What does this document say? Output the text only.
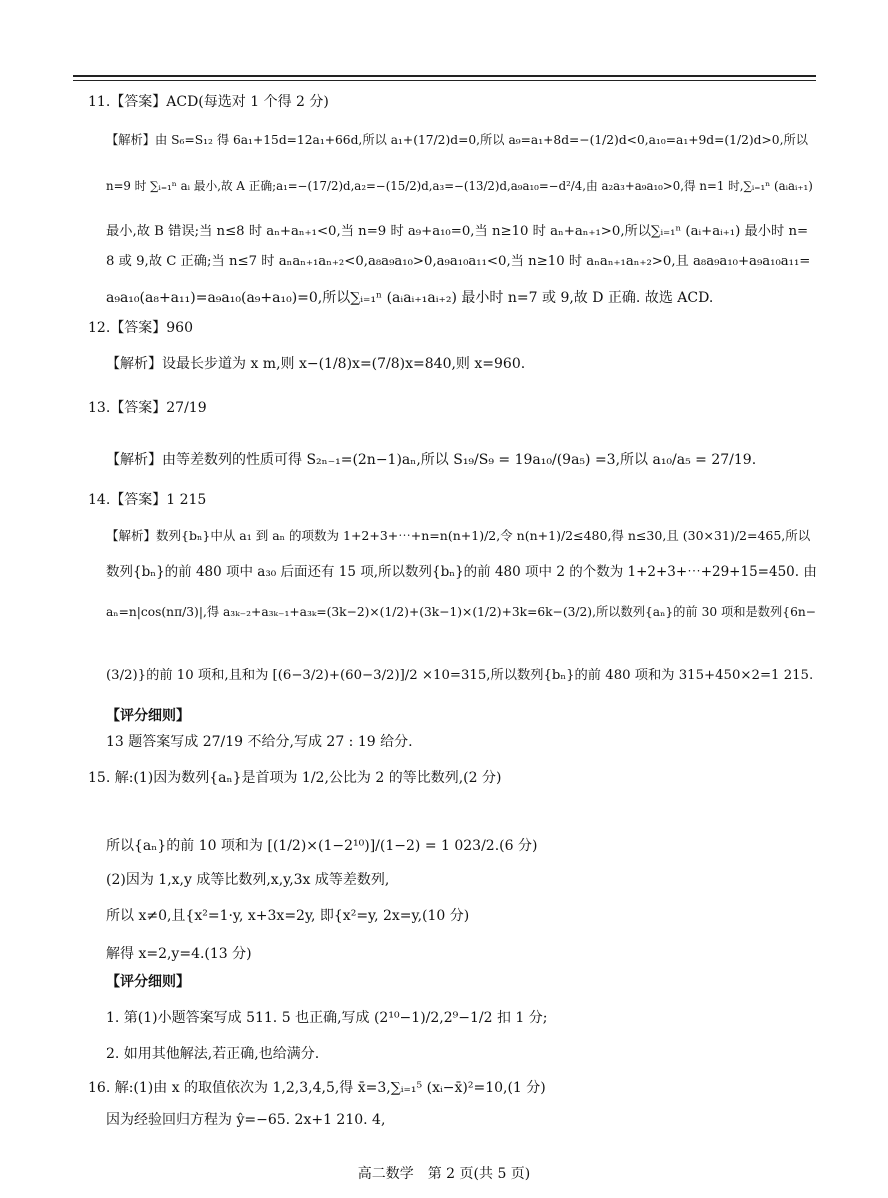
11.【答案】ACD(每选对 1 个得 2 分)
【解析】由 S₆=S₁₂ 得 6a₁+15d=12a₁+66d,所以 a₁+(17/2)d=0,所以 a₉=a₁+8d=−(1/2)d<0,a₁₀=a₁+9d=(1/2)d>0,所以
n=9 时 ∑ᵢ₌₁ⁿ aᵢ 最小,故 A 正确;a₁=−(17/2)d,a₂=−(15/2)d,a₃=−(13/2)d,a₉a₁₀=−d²/4,由 a₂a₃+a₉a₁₀>0,得 n=1 时,∑ᵢ₌₁ⁿ (aᵢaᵢ₊₁)
最小,故 B 错误;当 n≤8 时 aₙ+aₙ₊₁<0,当 n=9 时 a₉+a₁₀=0,当 n≥10 时 aₙ+aₙ₊₁>0,所以∑ᵢ₌₁ⁿ (aᵢ+aᵢ₊₁) 最小时 n=
8 或 9,故 C 正确;当 n≤7 时 aₙaₙ₊₁aₙ₊₂<0,a₈a₉a₁₀>0,a₉a₁₀a₁₁<0,当 n≥10 时 aₙaₙ₊₁aₙ₊₂>0,且 a₈a₉a₁₀+a₉a₁₀a₁₁=
a₉a₁₀(a₈+a₁₁)=a₉a₁₀(a₉+a₁₀)=0,所以∑ᵢ₌₁ⁿ (aᵢaᵢ₊₁aᵢ₊₂) 最小时 n=7 或 9,故 D 正确. 故选 ACD.
12.【答案】960
【解析】设最长步道为 x m,则 x−(1/8)x=(7/8)x=840,则 x=960.
13.【答案】27/19
【解析】由等差数列的性质可得 S₂ₙ₋₁=(2n−1)aₙ,所以 S₁₉/S₉ = 19a₁₀/(9a₅) =3,所以 a₁₀/a₅ = 27/19.
14.【答案】1 215
【解析】数列{bₙ}中从 a₁ 到 aₙ 的项数为 1+2+3+⋯+n=n(n+1)/2,令 n(n+1)/2≤480,得 n≤30,且 (30×31)/2=465,所以
数列{bₙ}的前 480 项中 a₃₀ 后面还有 15 项,所以数列{bₙ}的前 480 项中 2 的个数为 1+2+3+⋯+29+15=450. 由
aₙ=n|cos(nπ/3)|,得 a₃ₖ₋₂+a₃ₖ₋₁+a₃ₖ=(3k−2)×(1/2)+(3k−1)×(1/2)+3k=6k−(3/2),所以数列{aₙ}的前 30 项和是数列{6n−
(3/2)}的前 10 项和,且和为 [(6−3/2)+(60−3/2)]/2 ×10=315,所以数列{bₙ}的前 480 项和为 315+450×2=1 215.
【评分细则】
13 题答案写成 27/19 不给分,写成 27 : 19 给分.
15. 解:(1)因为数列{aₙ}是首项为 1/2,公比为 2 的等比数列,(2 分)
所以{aₙ}的前 10 项和为 [(1/2)×(1−2¹⁰)]/(1−2) = 1 023/2.(6 分)
(2)因为 1,x,y 成等比数列,x,y,3x 成等差数列,
所以 x≠0,且{x²=1·y, x+3x=2y, 即{x²=y, 2x=y,(10 分)
解得 x=2,y=4.(13 分)
【评分细则】
1. 第(1)小题答案写成 511. 5 也正确,写成 (2¹⁰−1)/2,2⁹−1/2 扣 1 分;
2. 如用其他解法,若正确,也给满分.
16. 解:(1)由 x 的取值依次为 1,2,3,4,5,得 x̄=3,∑ᵢ₌₁⁵ (xᵢ−x̄)²=10,(1 分)
因为经验回归方程为 ŷ=−65. 2x+1 210. 4,
高二数学　第 2 页(共 5 页)
